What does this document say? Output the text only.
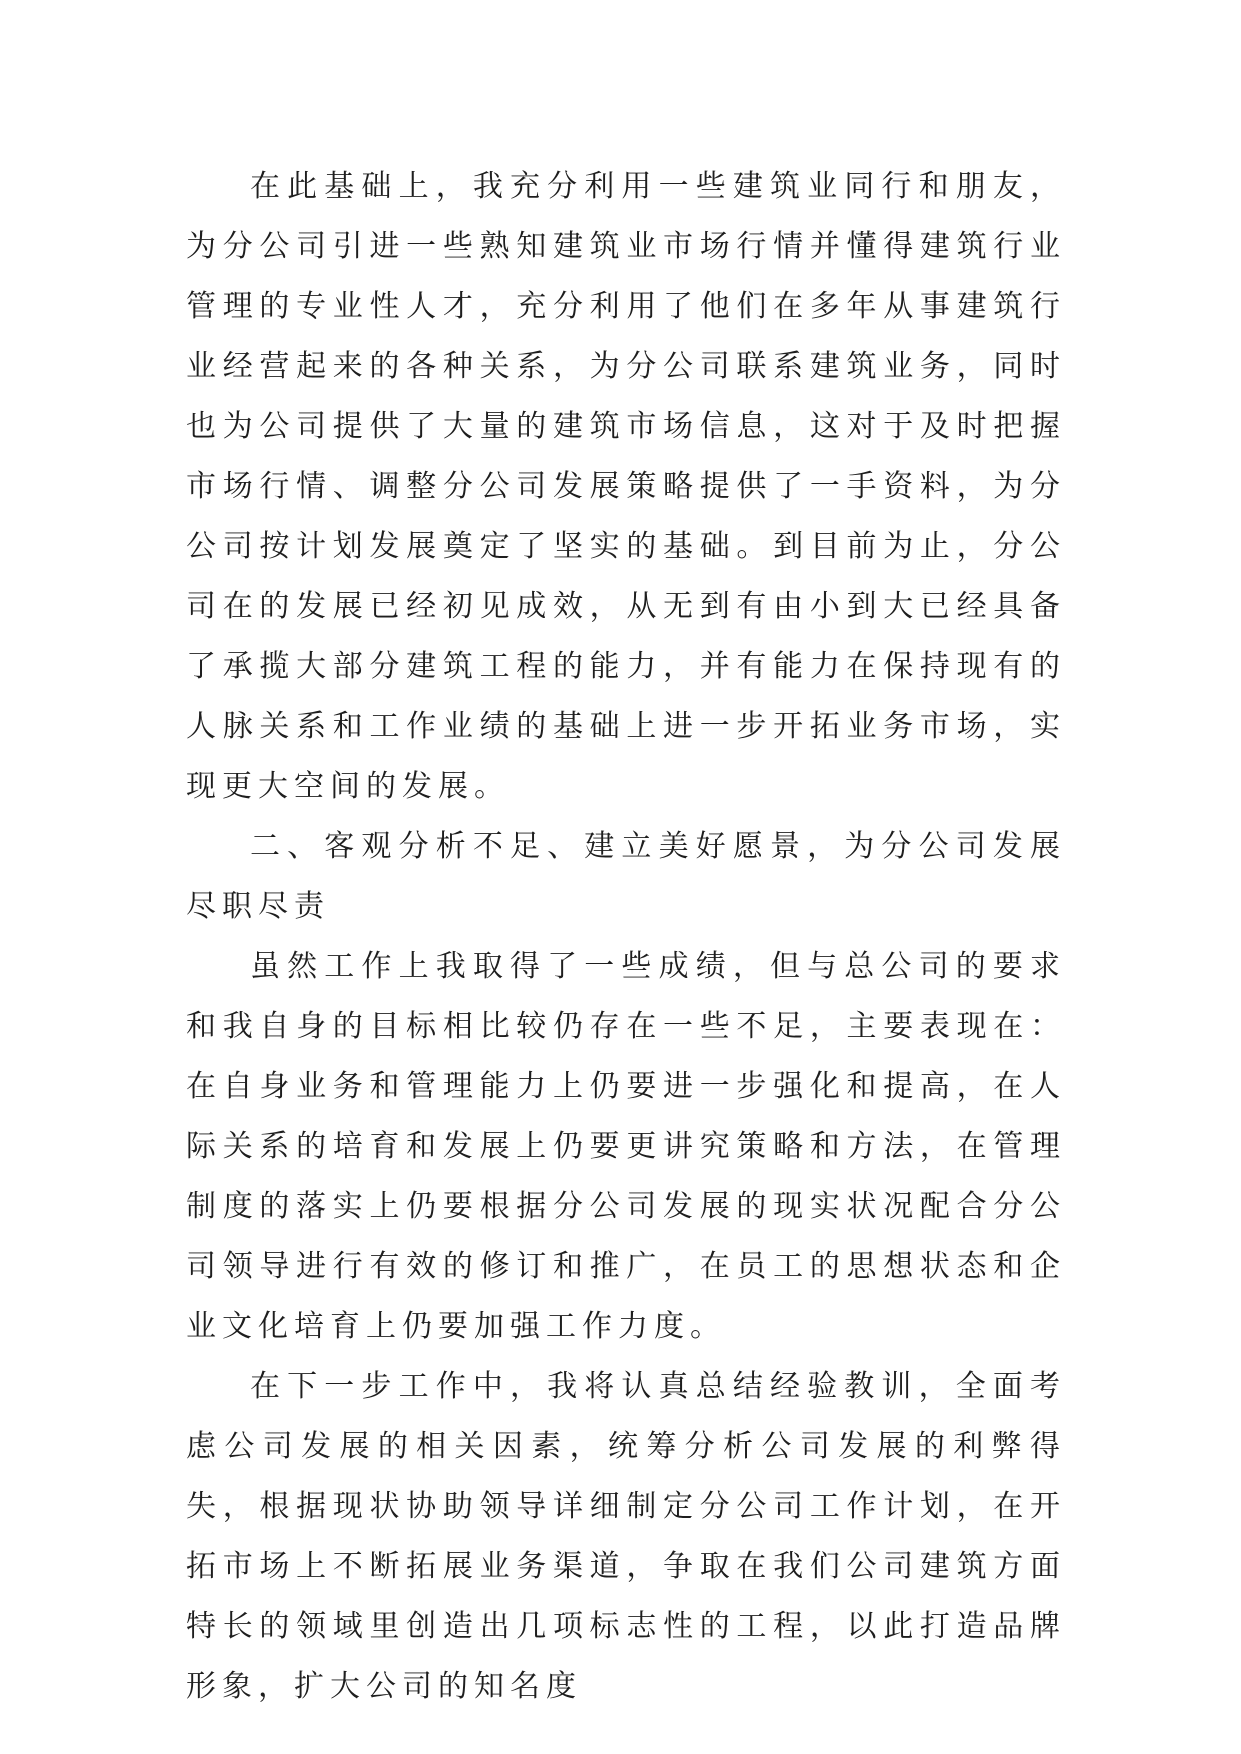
在此基础上，我充分利用一些建筑业同行和朋友，为分公司引进一些熟知建筑业市场行情并懂得建筑行业管理的专业性人才，充分利用了他们在多年从事建筑行业经营起来的各种关系，为分公司联系建筑业务，同时也为公司提供了大量的建筑市场信息，这对于及时把握市场行情、调整分公司发展策略提供了一手资料，为分公司按计划发展奠定了坚实的基础。到目前为止，分公司在的发展已经初见成效，从无到有由小到大已经具备了承揽大部分建筑工程的能力，并有能力在保持现有的人脉关系和工作业绩的基础上进一步开拓业务市场，实现更大空间的发展。

二、客观分析不足、建立美好愿景，为分公司发展尽职尽责

虽然工作上我取得了一些成绩，但与总公司的要求和我自身的目标相比较仍存在一些不足，主要表现在：在自身业务和管理能力上仍要进一步强化和提高，在人际关系的培育和发展上仍要更讲究策略和方法，在管理制度的落实上仍要根据分公司发展的现实状况配合分公司领导进行有效的修订和推广，在员工的思想状态和企业文化培育上仍要加强工作力度。

在下一步工作中，我将认真总结经验教训，全面考虑公司发展的相关因素，统筹分析公司发展的利弊得失，根据现状协助领导详细制定分公司工作计划，在开拓市场上不断拓展业务渠道，争取在我们公司建筑方面特长的领域里创造出几项标志性的工程，以此打造品牌形象，扩大公司的知名度
